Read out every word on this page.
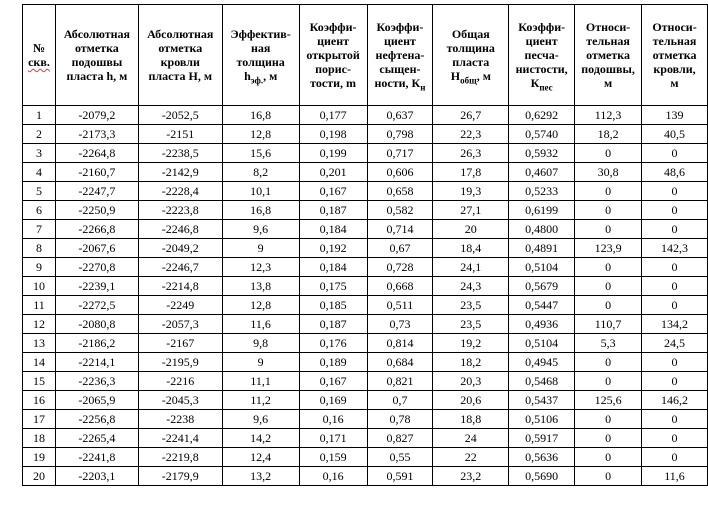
№
скв.	Абсолютная
отметка
подошвы
пласта h, м	Абсолютная
отметка
кровли
пласта H, м	Эффектив-
ная
толщина
$h_{эф.}$, м	Коэффи-
циент
открытой
порис-
тости, m	Коэффи-
циент
нефтена-
сыщен-
ности, $К_н$	Общая
толщина
пласта
$H_{общ}$, м	Коэффи-
циент
песча-
нистости,
$К_{пес}$	Относи-
тельная
отметка
подошвы,
м	Относи-
тельная
отметка
кровли,
м

1	-2079,2	-2052,5	16,8	0,177	0,637	26,7	0,6292	112,3	139
2	-2173,3	-2151	12,8	0,198	0,798	22,3	0,5740	18,2	40,5
3	-2264,8	-2238,5	15,6	0,199	0,717	26,3	0,5932	0	0
4	-2160,7	-2142,9	8,2	0,201	0,606	17,8	0,4607	30,8	48,6
5	-2247,7	-2228,4	10,1	0,167	0,658	19,3	0,5233	0	0
6	-2250,9	-2223,8	16,8	0,187	0,582	27,1	0,6199	0	0
7	-2266,8	-2246,8	9,6	0,184	0,714	20	0,4800	0	0
8	-2067,6	-2049,2	9	0,192	0,67	18,4	0,4891	123,9	142,3
9	-2270,8	-2246,7	12,3	0,184	0,728	24,1	0,5104	0	0
10	-2239,1	-2214,8	13,8	0,175	0,668	24,3	0,5679	0	0
11	-2272,5	-2249	12,8	0,185	0,511	23,5	0,5447	0	0
12	-2080,8	-2057,3	11,6	0,187	0,73	23,5	0,4936	110,7	134,2
13	-2186,2	-2167	9,8	0,176	0,814	19,2	0,5104	5,3	24,5
14	-2214,1	-2195,9	9	0,189	0,684	18,2	0,4945	0	0
15	-2236,3	-2216	11,1	0,167	0,821	20,3	0,5468	0	0
16	-2065,9	-2045,3	11,2	0,169	0,7	20,6	0,5437	125,6	146,2
17	-2256,8	-2238	9,6	0,16	0,78	18,8	0,5106	0	0
18	-2265,4	-2241,4	14,2	0,171	0,827	24	0,5917	0	0
19	-2241,8	-2219,8	12,4	0,159	0,55	22	0,5636	0	0
20	-2203,1	-2179,9	13,2	0,16	0,591	23,2	0,5690	0	11,6
